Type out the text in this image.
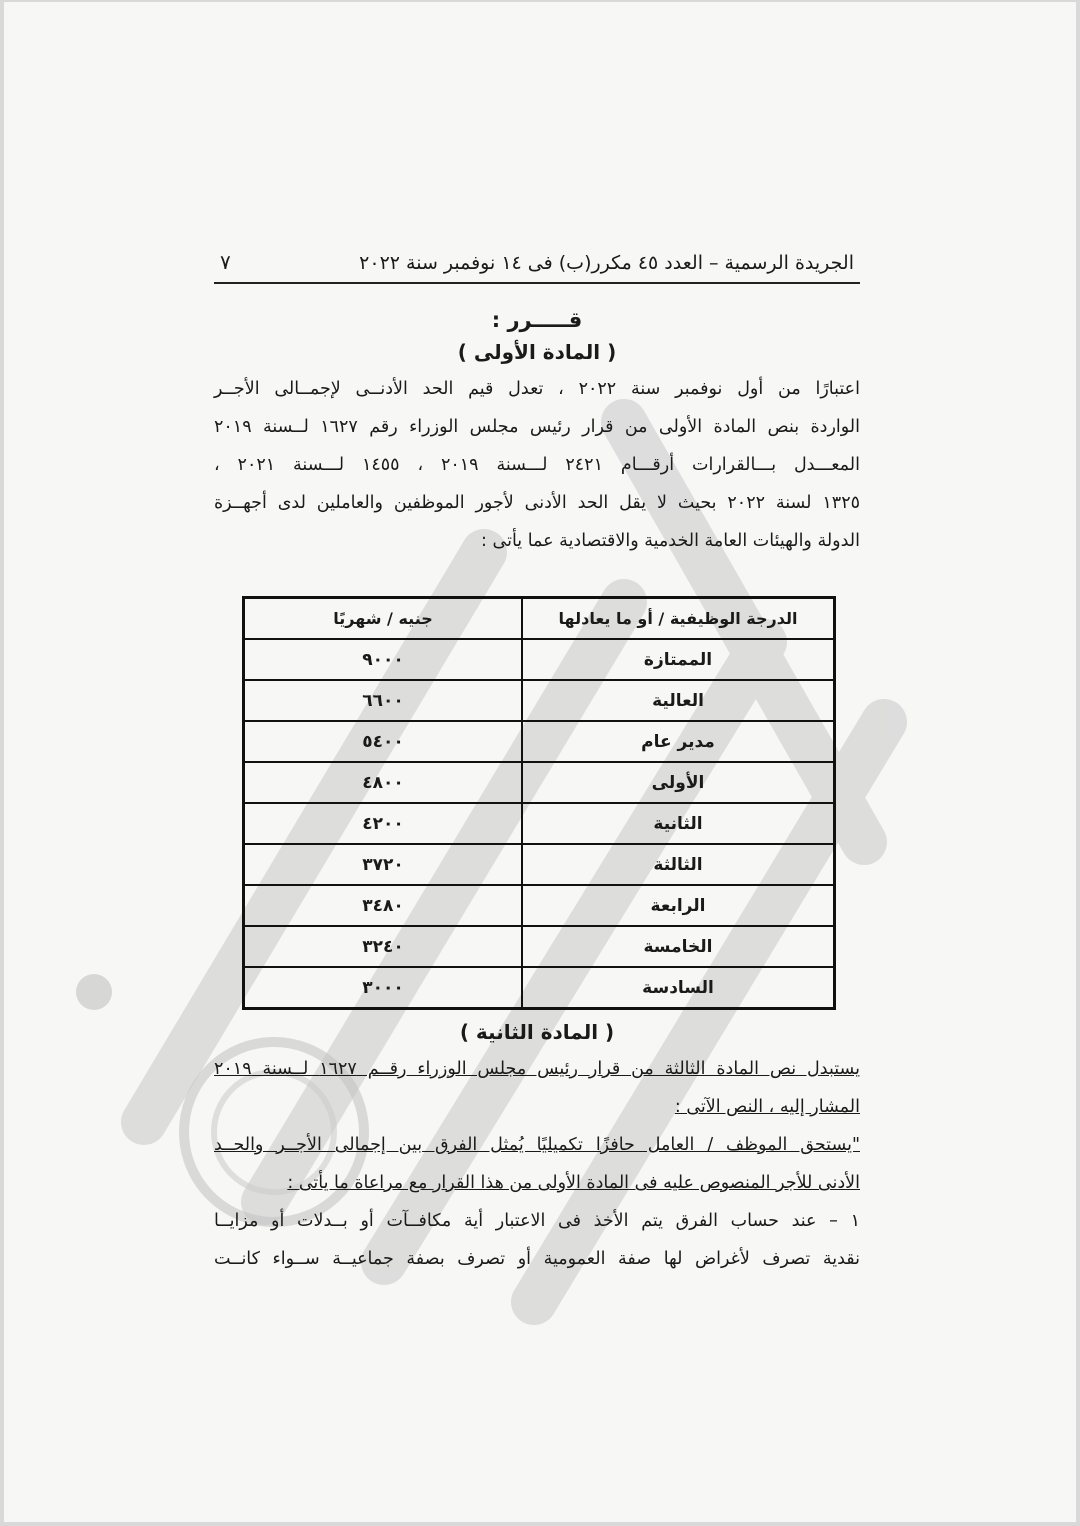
الجريدة الرسمية – العدد ٤٥ مكرر(ب) فى ١٤ نوفمبر سنة ٢٠٢٢
٧
قـــــرر :
( المادة الأولى )

اعتبارًا من أول نوفمبر سنة ٢٠٢٢ ، تعدل قيم الحد الأدنــى لإجمــالى الأجــر

الواردة بنص المادة الأولى من قرار رئيس مجلس الوزراء رقم ١٦٢٧ لــسنة ٢٠١٩

المعـــدل بـــالقرارات أرقـــام ٢٤٢١ لـــسنة ٢٠١٩ ، ١٤٥٥ لـــسنة ٢٠٢١ ،

١٣٢٥ لسنة ٢٠٢٢ بحيث لا يقل الحد الأدنى لأجور الموظفين والعاملين لدى أجهــزة

الدولة والهيئات العامة الخدمية والاقتصادية عما يأتى :

الدرجة الوظيفية / أو ما يعادلها	جنيه / شهريًا
الممتازة	٩٠٠٠
العالية	٦٦٠٠
مدير عام	٥٤٠٠
الأولى	٤٨٠٠
الثانية	٤٢٠٠
الثالثة	٣٧٢٠
الرابعة	٣٤٨٠
الخامسة	٣٢٤٠
السادسة	٣٠٠٠
( المادة الثانية )

يستبدل نص المادة الثالثة من قرار رئيس مجلس الوزراء رقــم ١٦٢٧ لــسنة ٢٠١٩

المشار إليه ، النص الآتى :

"يستحق الموظف / العامل حافزًا تكميليًا يُمثل الفرق بين إجمالى الأجــر والحــد

الأدنى للأجر المنصوص عليه فى المادة الأولى من هذا القرار مع مراعاة ما يأتى :

١ – عند حساب الفرق يتم الأخذ فى الاعتبار أية مكافــآت أو بــدلات أو مزايــا

نقدية تصرف لأغراض لها صفة العمومية أو تصرف بصفة جماعيــة ســواء كانــت
